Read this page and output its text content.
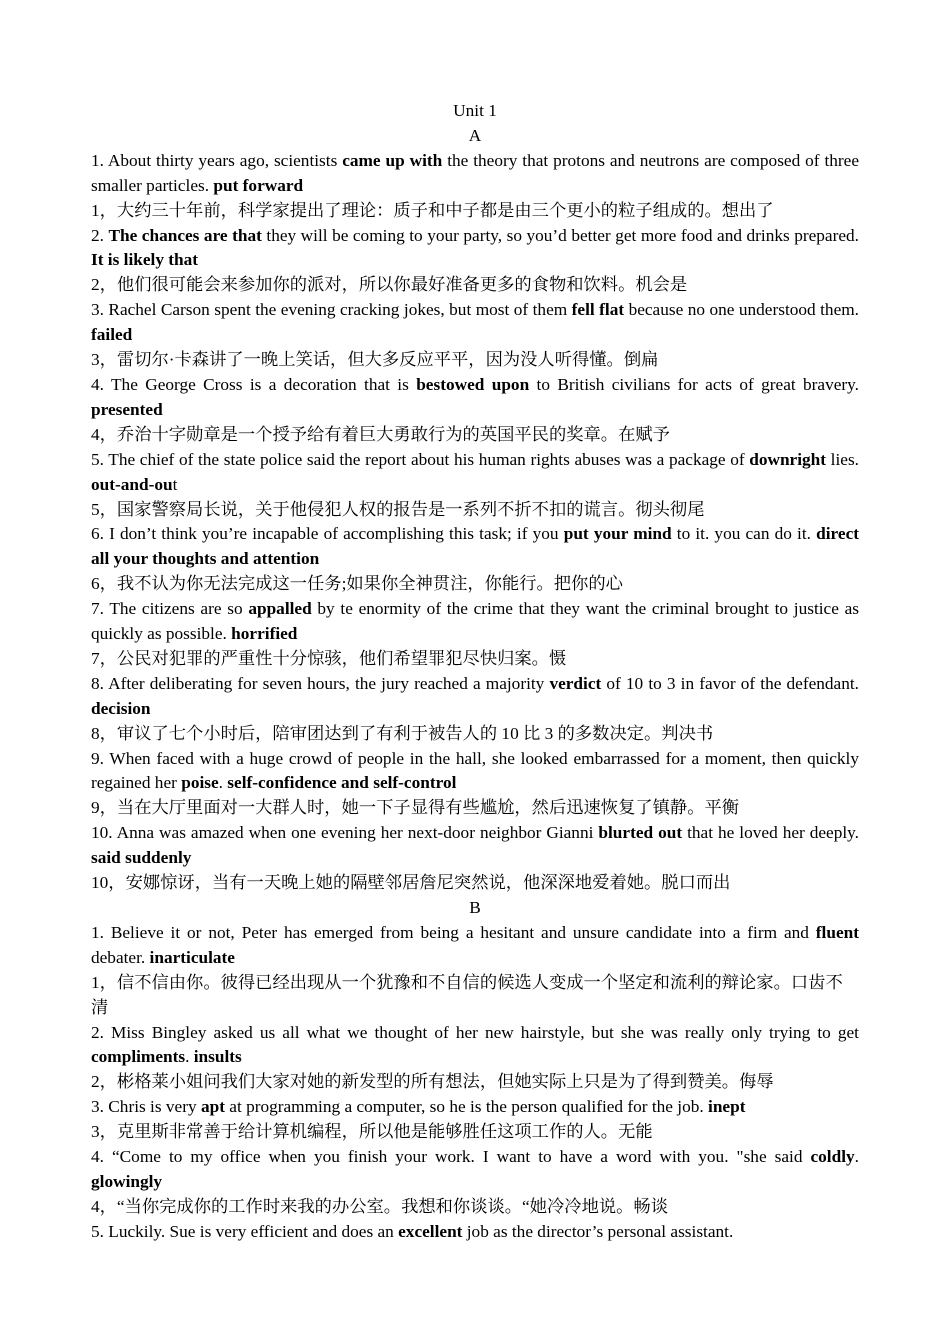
Unit 1
A
1. About thirty years ago, scientists came up with the theory that protons and neutrons are composed of three smaller particles. put forward
1，大约三十年前，科学家提出了理论：质子和中子都是由三个更小的粒子组成的。想出了
2. The chances are that they will be coming to your party, so you’d better get more food and drinks prepared. It is likely that
2，他们很可能会来参加你的派对，所以你最好准备更多的食物和饮料。机会是
3. Rachel Carson spent the evening cracking jokes, but most of them fell flat because no one understood them. failed
3，雷切尔·卡森讲了一晚上笑话，但大多反应平平，因为没人听得懂。倒扁
4. The George Cross is a decoration that is bestowed upon to British civilians for acts of great bravery. presented
4，乔治十字勋章是一个授予给有着巨大勇敢行为的英国平民的奖章。在赋予
5. The chief of the state police said the report about his human rights abuses was a package of downright lies. out-and-out
5，国家警察局长说，关于他侵犯人权的报告是一系列不折不扣的谎言。彻头彻尾
6. I don’t think you’re incapable of accomplishing this task; if you put your mind to it. you can do it. direct all your thoughts and attention
6，我不认为你无法完成这一任务;如果你全神贯注，你能行。把你的心
7. The citizens are so appalled by te enormity of the crime that they want the criminal brought to justice as quickly as possible. horrified
7，公民对犯罪的严重性十分惊骇，他们希望罪犯尽快归案。慑
8. After deliberating for seven hours, the jury reached a majority verdict of 10 to 3 in favor of the defendant. decision
8，审议了七个小时后，陪审团达到了有利于被告人的 10 比 3 的多数决定。判决书
9. When faced with a huge crowd of people in the hall, she looked embarrassed for a moment, then quickly regained her poise. self-confidence and self-control
9，当在大厅里面对一大群人时，她一下子显得有些尴尬，然后迅速恢复了镇静。平衡
10. Anna was amazed when one evening her next-door neighbor Gianni blurted out that he loved her deeply. said suddenly
10，安娜惊讶，当有一天晚上她的隔壁邻居詹尼突然说，他深深地爱着她。脱口而出
B
1. Believe it or not, Peter has emerged from being a hesitant and unsure candidate into a firm and fluent debater. inarticulate
1，信不信由你。彼得已经出现从一个犹豫和不自信的候选人变成一个坚定和流利的辩论家。口齿不清
2. Miss Bingley asked us all what we thought of her new hairstyle, but she was really only trying to get compliments. insults
2，彬格莱小姐问我们大家对她的新发型的所有想法，但她实际上只是为了得到赞美。侮辱
3. Chris is very apt at programming a computer, so he is the person qualified for the job. inept
3，克里斯非常善于给计算机编程，所以他是能够胜任这项工作的人。无能
4. “Come to my office when you finish your work. I want to have a word with you. "she said coldly. glowingly
4，“当你完成你的工作时来我的办公室。我想和你谈谈。“她冷冷地说。畅谈
5. Luckily. Sue is very efficient and does an excellent job as the director’s personal assistant.
